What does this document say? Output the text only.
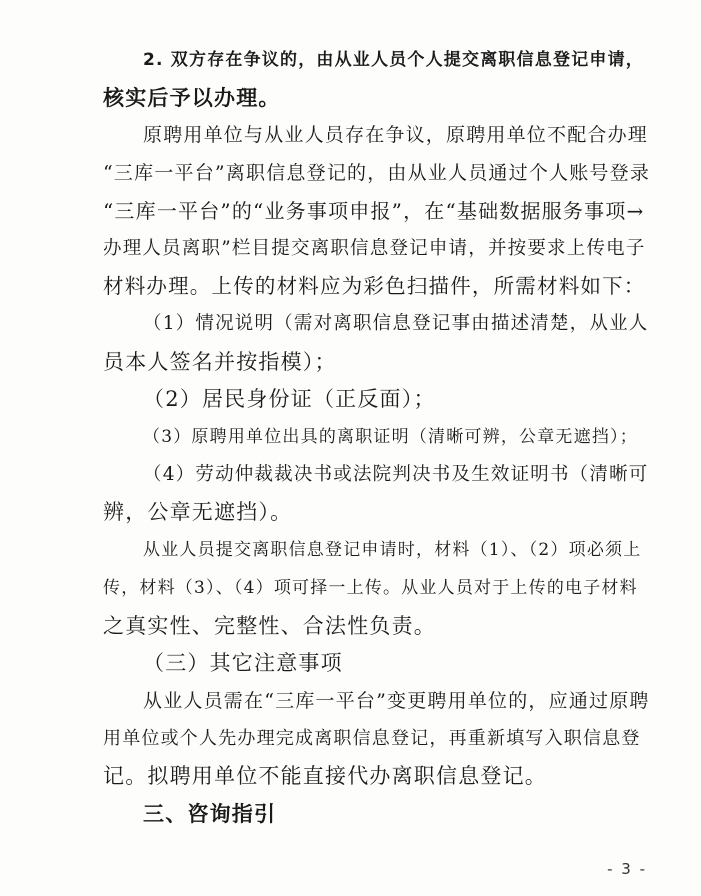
2. 双方存在争议的，由从业人员个人提交离职信息登记申请，
核实后予以办理。
原聘用单位与从业人员存在争议，原聘用单位不配合办理
“三库一平台”离职信息登记的，由从业人员通过个人账号登录
“三库一平台”的“业务事项申报”，在“基础数据服务事项→
办理人员离职”栏目提交离职信息登记申请，并按要求上传电子
材料办理。上传的材料应为彩色扫描件，所需材料如下：
（1）情况说明（需对离职信息登记事由描述清楚，从业人
员本人签名并按指模）；
（2）居民身份证（正反面）；
（3）原聘用单位出具的离职证明（清晰可辨，公章无遮挡）；
（4）劳动仲裁裁决书或法院判决书及生效证明书（清晰可
辨，公章无遮挡）。
从业人员提交离职信息登记申请时，材料（1）、（2）项必须上
传，材料（3）、（4）项可择一上传。从业人员对于上传的电子材料
之真实性、完整性、合法性负责。
（三）其它注意事项
从业人员需在“三库一平台”变更聘用单位的，应通过原聘
用单位或个人先办理完成离职信息登记，再重新填写入职信息登
记。拟聘用单位不能直接代办离职信息登记。
三、咨询指引
- 3 -
